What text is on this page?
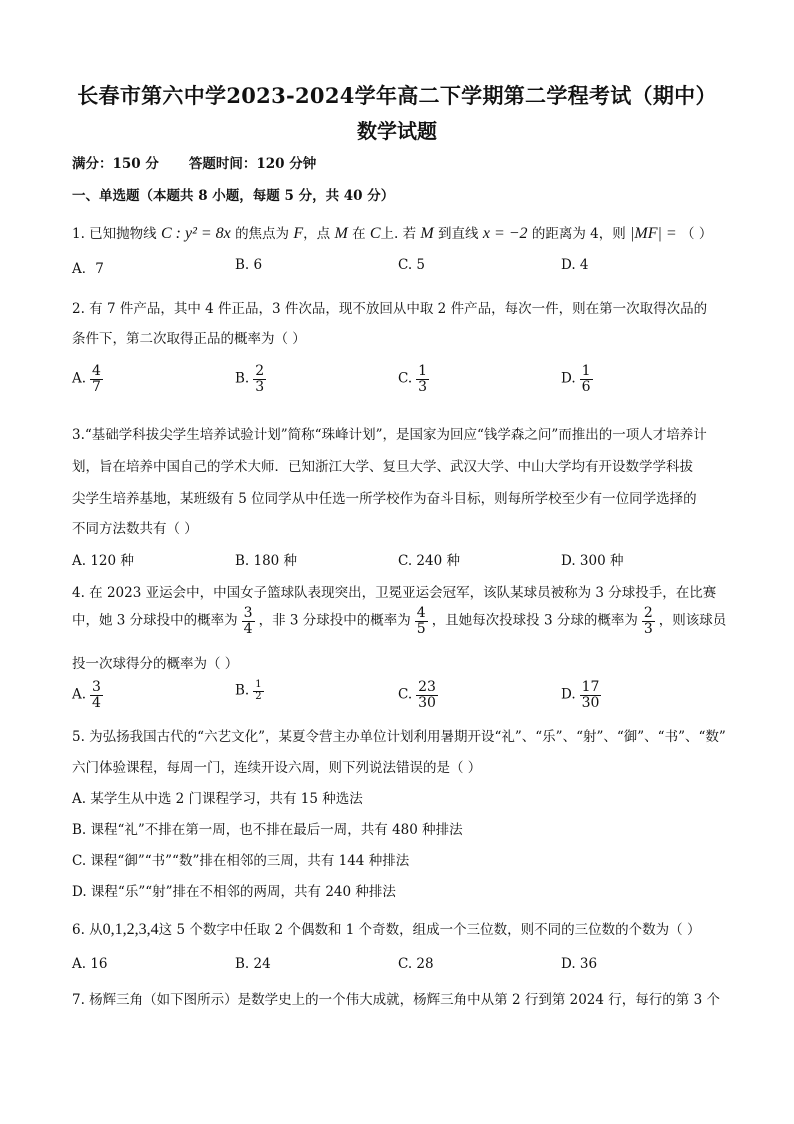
长春市第六中学2023-2024学年高二下学期第二学程考试（期中）
数学试题
满分：150 分 答题时间：120 分钟
一、单选题（本题共 8 小题，每题 5 分，共 40 分）
1. 已知抛物线 C : y² = 8x 的焦点为 F，点 M 在 C上. 若 M 到直线 x = −2 的距离为 4，则 |MF| = （ ）
A．7	B. 6	C. 5	D. 4
2. 有 7 件产品，其中 4 件正品，3 件次品，现不放回从中取 2 件产品，每次一件，则在第一次取得次品的
条件下，第二次取得正品的概率为（ ）
A. $\frac{4}{7}$	B. $\frac{2}{3}$	C. $\frac{1}{3}$	D. $\frac{1}{6}$
3.“基础学科拔尖学生培养试验计划”简称“珠峰计划”，是国家为回应“钱学森之问”而推出的一项人才培养计
划，旨在培养中国自己的学术大师．已知浙江大学、复旦大学、武汉大学、中山大学均有开设数学学科拔
尖学生培养基地，某班级有 5 位同学从中任选一所学校作为奋斗目标，则每所学校至少有一位同学选择的
不同方法数共有（ ）
A. 120 种	B. 180 种	C. 240 种	D. 300 种
4. 在 2023 亚运会中，中国女子篮球队表现突出，卫冕亚运会冠军，该队某球员被称为 3 分球投手，在比赛
中，她 3 分球投中的概率为 $\frac{3}{4}$ ，非 3 分球投中的概率为 $\frac{4}{5}$ ，且她每次投球投 3 分球的概率为 $\frac{2}{3}$ ，则该球员
投一次球得分的概率为（ ）
A. $\frac{3}{4}$	B. $\frac{1}{2}$	C. $\frac{23}{30}$	D. $\frac{17}{30}$
5. 为弘扬我国古代的“六艺文化”，某夏令营主办单位计划利用暑期开设“礼”、“乐”、“射”、“御”、“书”、“数”
六门体验课程，每周一门，连续开设六周，则下列说法错误的是（ ）
A. 某学生从中选 2 门课程学习，共有 15 种选法
B. 课程“礼”不排在第一周，也不排在最后一周，共有 480 种排法
C. 课程“御”“书”“数”排在相邻的三周，共有 144 种排法
D. 课程“乐”“射”排在不相邻的两周，共有 240 种排法
6. 从0,1,2,3,4这 5 个数字中任取 2 个偶数和 1 个奇数，组成一个三位数，则不同的三位数的个数为（ ）
A. 16	B. 24	C. 28	D. 36
7. 杨辉三角（如下图所示）是数学史上的一个伟大成就，杨辉三角中从第 2 行到第 2024 行，每行的第 3 个
